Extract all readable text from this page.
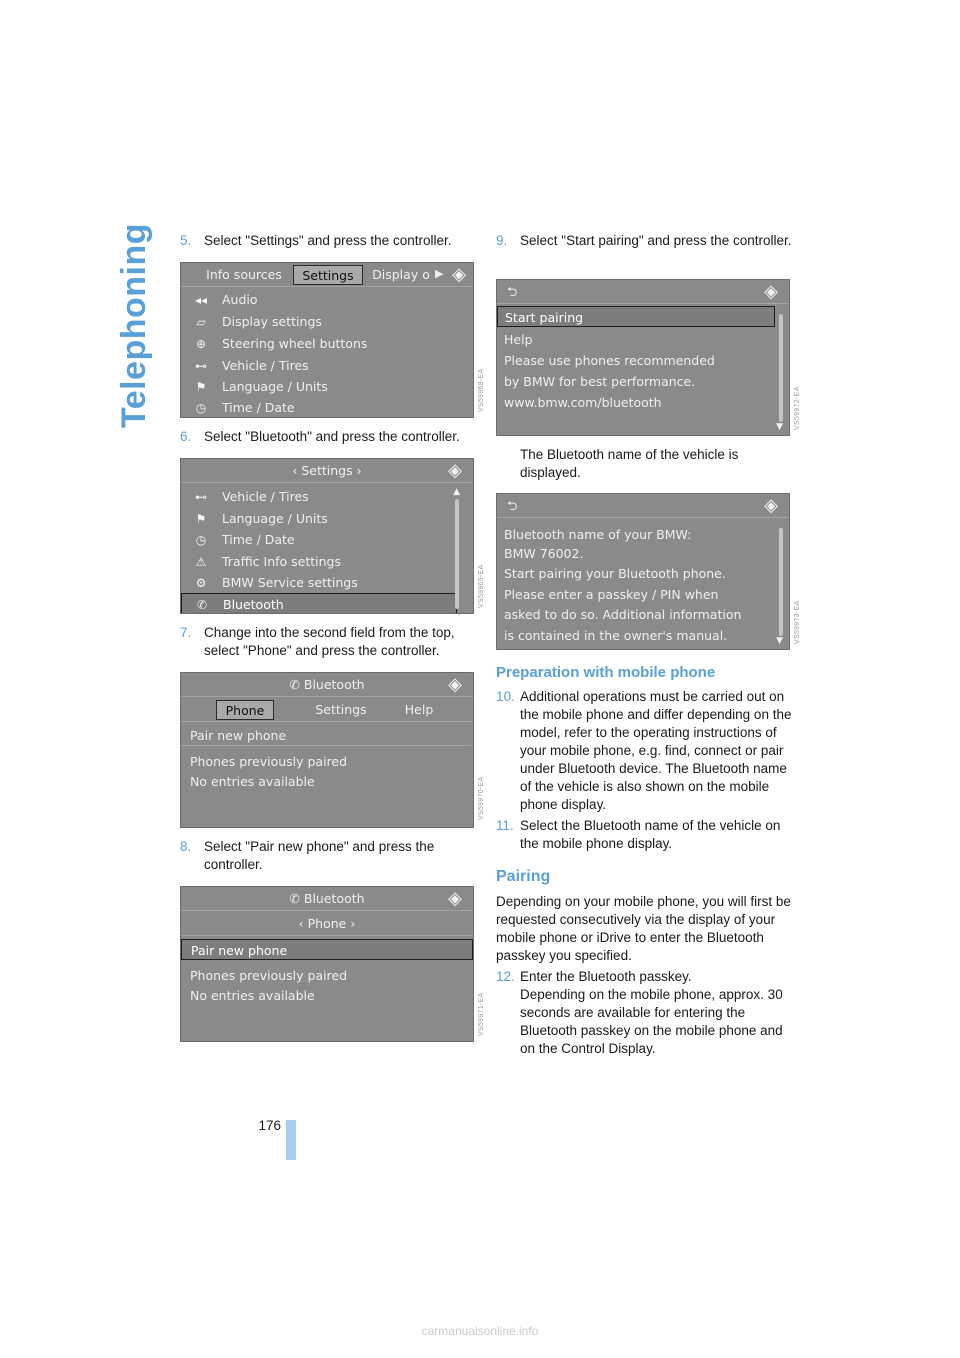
Telephoning 5. Select "Settings" and press the controller.
Info sources	Settings	Display o ▶ ◈
◂◂ Audio
▱ Display settings
⊕ Steering wheel buttons
⊷ Vehicle / Tires
⚑ Language / Units
◷ Time / Date	VS59968-EA
6. Select "Bluetooth" and press the controller.
‹ Settings ›	◈
⊷ Vehicle / Tires
⚑ Language / Units
◷ Time / Date
⚠ Traffic Info settings
⚙ BMW Service settings
✆ Bluetooth
▲
VS59969-EA
7. Change into the second field from the top, select "Phone" and press the controller.
✆ Bluetooth	◈
Phone	Settings	Help
Pair new phone
Phones previously paired
No entries available	VS59970-EA
8. Select "Pair new phone" and press the controller.
✆ Bluetooth	◈
‹ Phone ›
Pair new phone
Phones previously paired
No entries available	VS59971-EA
9. Select "Start pairing" and press the controller.
⮌	◈
Start pairing
Help
Please use phones recommended
by BMW for best performance.
www.bmw.com/bluetooth
▼ VS59972-EA
The Bluetooth name of the vehicle is displayed.
⮌	◈
Bluetooth name of your BMW:
BMW 76002.
Start pairing your Bluetooth phone.
Please enter a passkey / PIN when
asked to do so. Additional information
is contained in the owner's manual.	▼ VS59973-EA
Preparation with mobile phone
10. Additional operations must be carried out on the mobile phone and differ depending on the model, refer to the operating instructions of your mobile phone, e.g. find, connect or pair under Bluetooth device. The Bluetooth name of the vehicle is also shown on the mobile phone display.
11. Select the Bluetooth name of the vehicle on the mobile phone display.
Pairing
Depending on your mobile phone, you will first be requested consecutively via the display of your mobile phone or iDrive to enter the Bluetooth passkey you specified.
12. Enter the Bluetooth passkey.
Depending on the mobile phone, approx. 30 seconds are available for entering the Bluetooth passkey on the mobile phone and on the Control Display.
176
carmanualsonline.info
